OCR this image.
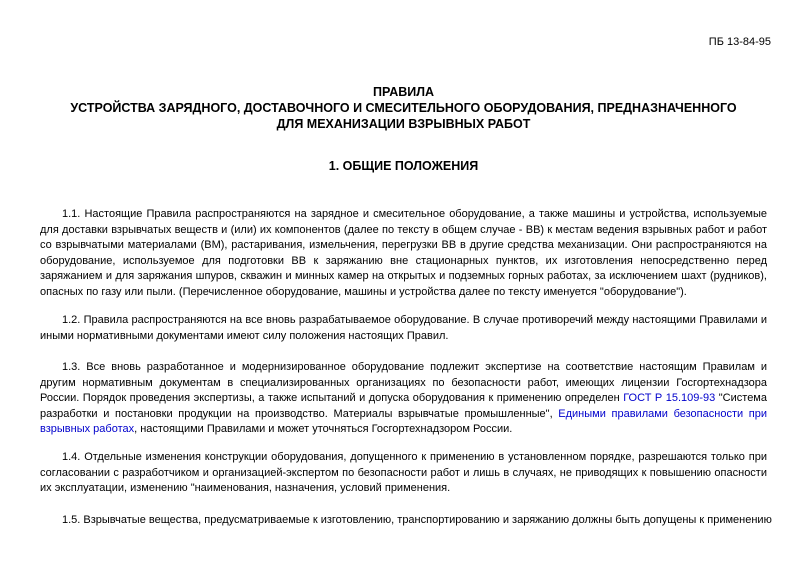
ПБ 13-84-95
ПРАВИЛА
УСТРОЙСТВА ЗАРЯДНОГО, ДОСТАВОЧНОГО И СМЕСИТЕЛЬНОГО ОБОРУДОВАНИЯ, ПРЕДНАЗНАЧЕННОГО
ДЛЯ МЕХАНИЗАЦИИ ВЗРЫВНЫХ РАБОТ
1. ОБЩИЕ ПОЛОЖЕНИЯ

1.1. Настоящие Правила распространяются на зарядное и смесительное оборудование, а также машины и устройства, используемые для доставки взрывчатых веществ и (или) их компонентов (далее по тексту в общем случае - ВВ) к местам ведения взрывных работ и работ со взрывчатыми материалами (ВМ), растаривания, измельчения, перегрузки ВВ в другие средства механизации. Они распространяются на оборудование, используемое для подготовки ВВ к заряжанию вне стационарных пунктов, их изготовления непосредственно перед заряжанием и для заряжания шпуров, скважин и минных камер на открытых и подземных горных работах, за исключением шахт (рудников), опасных по газу или пыли. (Перечисленное оборудование, машины и устройства далее по тексту именуется "оборудование").

1.2. Правила распространяются на все вновь разрабатываемое оборудование. В случае противоречий между настоящими Правилами и иными нормативными документами имеют силу положения настоящих Правил.

1.3. Все вновь разработанное и модернизированное оборудование подлежит экспертизе на соответствие настоящим Правилам и другим нормативным документам в специализированных организациях по безопасности работ, имеющих лицензии Госгортехнадзора России. Порядок проведения экспертизы, а также испытаний и допуска оборудования к применению определен ГОСТ Р 15.109-93 "Система разработки и постановки продукции на производство. Материалы взрывчатые промышленные", Едиными правилами безопасности при взрывных работах, настоящими Правилами и может уточняться Госгортехнадзором России.

1.4. Отдельные изменения конструкции оборудования, допущенного к применению в установленном порядке, разрешаются только при согласовании с разработчиком и организацией-экспертом по безопасности работ и лишь в случаях, не приводящих к повышению опасности их эксплуатации, изменению "наименования, назначения, условий применения.

1.5. Взрывчатые вещества, предусматриваемые к изготовлению, транспортированию и заряжанию должны быть допущены к применению
